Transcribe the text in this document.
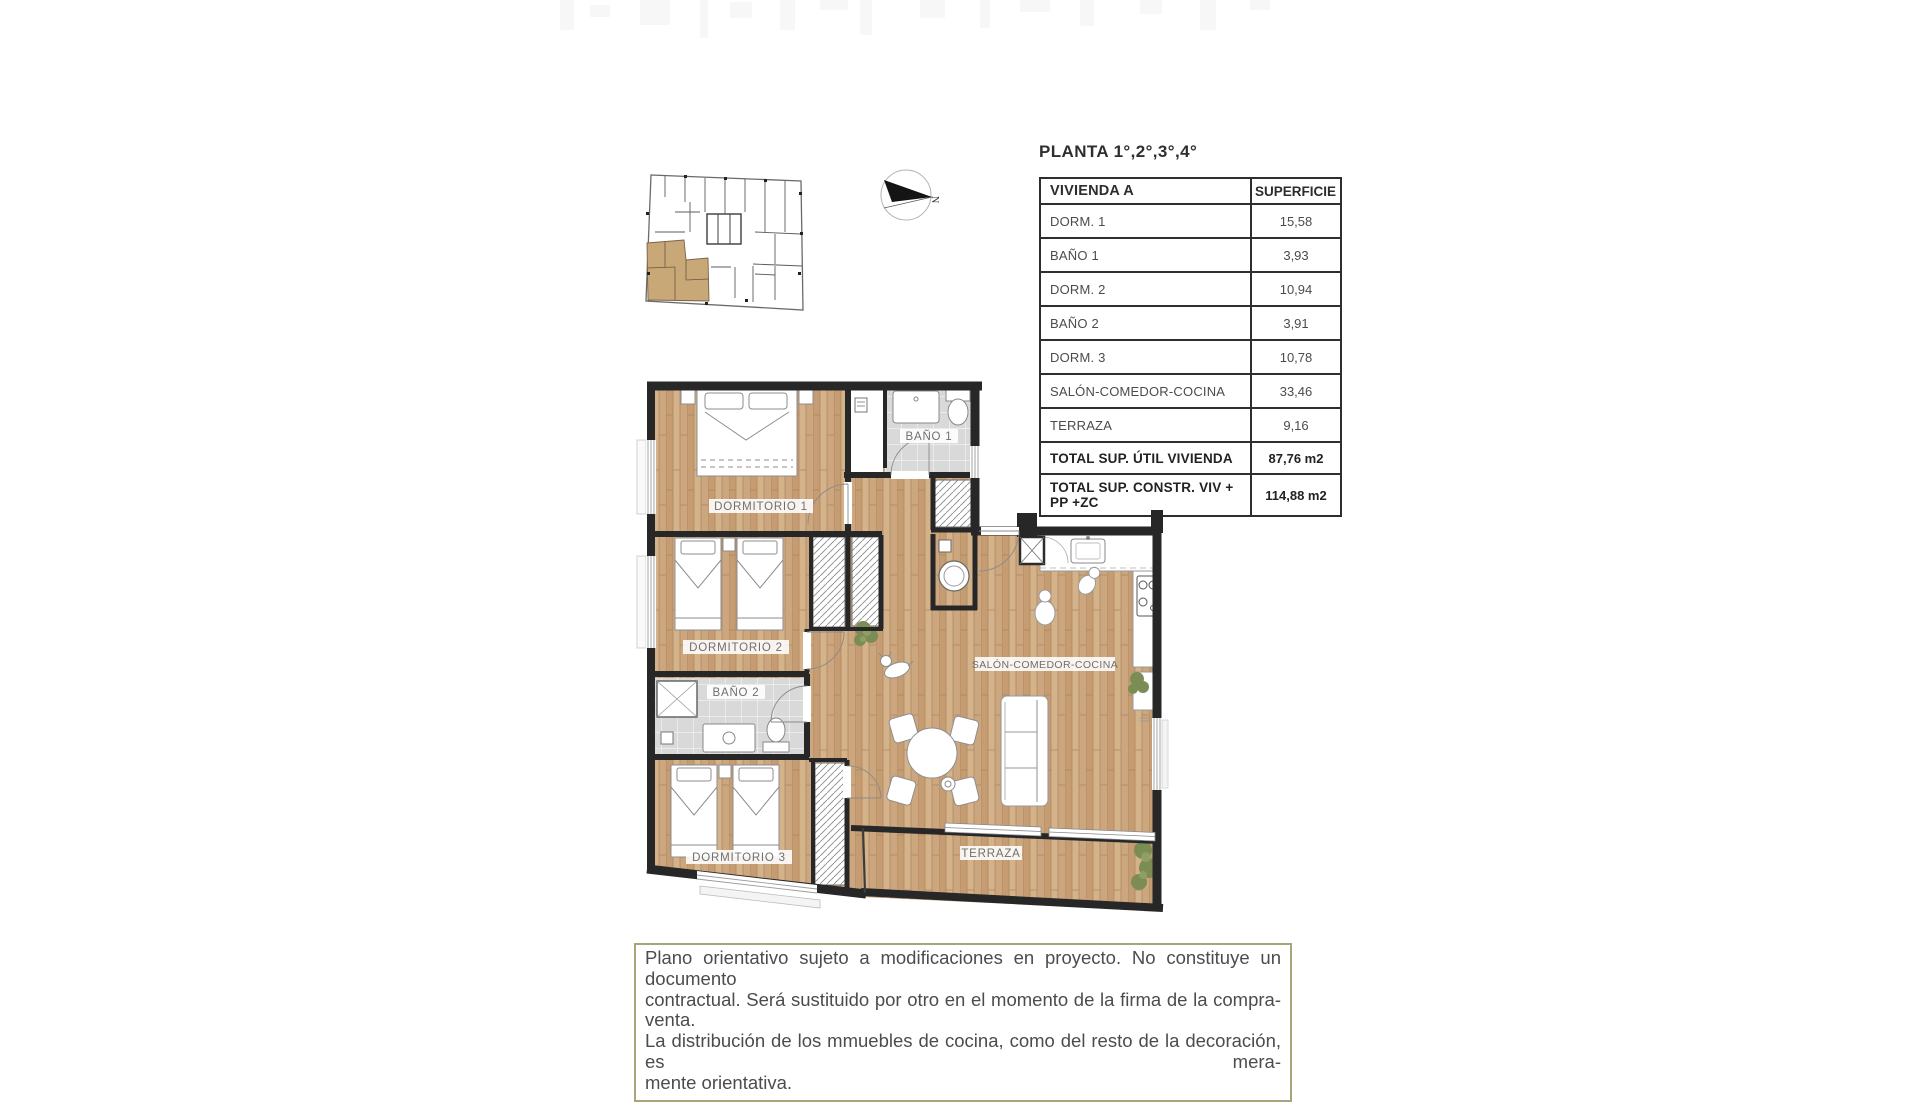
N
PLANTA 1°,2°,3°,4°
VIVIENDA A	SUPERFICIE
DORM. 1	15,58
BAÑO 1	3,93
DORM. 2	10,94
BAÑO 2	3,91
DORM. 3	10,78
SALÓN-COMEDOR-COCINA	33,46
TERRAZA	9,16
TOTAL SUP. ÚTIL VIVIENDA	87,76 m2
TOTAL SUP. CONSTR. VIV + PP +ZC	114,88 m2
DORMITORIO 1
BAÑO 1
DORMITORIO 2
BAÑO 2
DORMITORIO 3
SALÓN-COMEDOR-COCINA
TERRAZA
Plano orientativo sujeto a modificaciones en proyecto. No constituye un documento
contractual. Será sustituido por otro en el momento de la firma de la compra-venta.
La distribución de los mmuebles de cocina, como del resto de la decoración, es mera-
mente orientativa.
